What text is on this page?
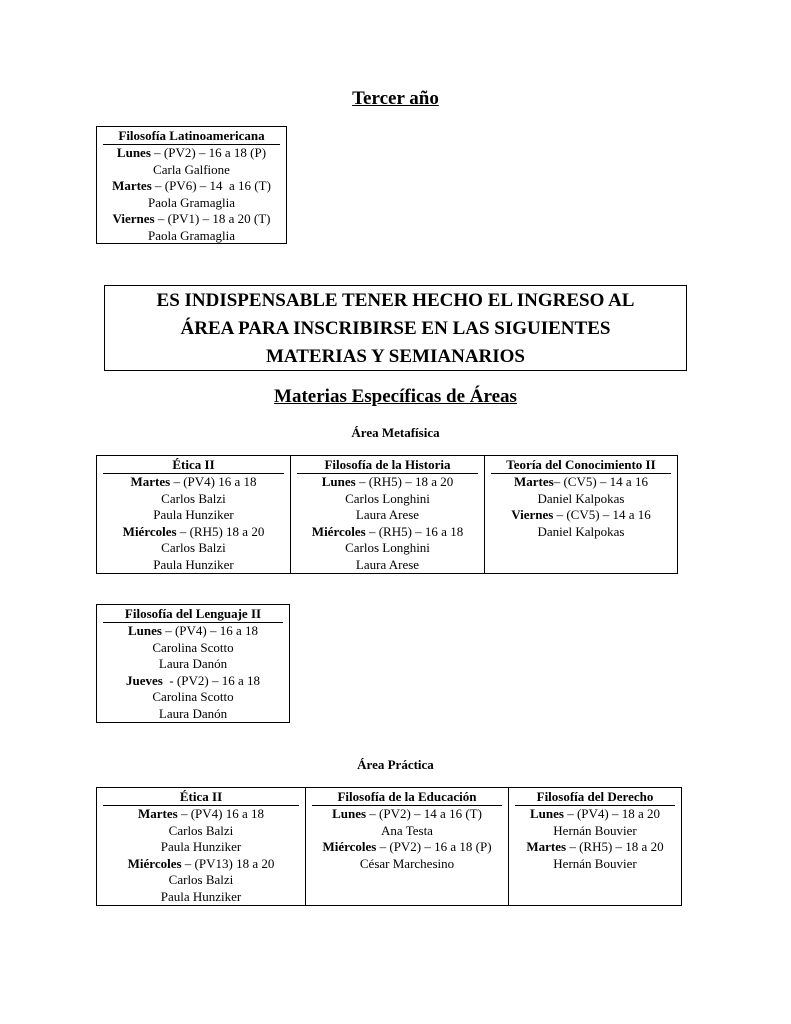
Tercer año
Filosofía Latinoamericana
Lunes – (PV2) – 16 a 18 (P)
Carla Galfione
Martes – (PV6) – 14  a 16 (T)
Paola Gramaglia
Viernes – (PV1) – 18 a 20 (T)
Paola Gramaglia
ES INDISPENSABLE TENER HECHO EL INGRESO AL
ÁREA PARA INSCRIBIRSE EN LAS SIGUIENTES
MATERIAS Y SEMIANARIOS
Materias Específicas de Áreas
Área Metafísica
Ética II
Martes – (PV4) 16 a 18
Carlos Balzi
Paula Hunziker
Miércoles – (RH5) 18 a 20
Carlos Balzi
Paula Hunziker
Filosofía de la Historia
Lunes – (RH5) – 18 a 20
Carlos Longhini
Laura Arese
Miércoles – (RH5) – 16 a 18
Carlos Longhini
Laura Arese
Teoría del Conocimiento II
Martes– (CV5) – 14 a 16
Daniel Kalpokas
Viernes – (CV5) – 14 a 16
Daniel Kalpokas
Filosofía del Lenguaje II
Lunes – (PV4) – 16 a 18
Carolina Scotto
Laura Danón
Jueves  - (PV2) – 16 a 18
Carolina Scotto
Laura Danón
Área Práctica
Ética II
Martes – (PV4) 16 a 18
Carlos Balzi
Paula Hunziker
Miércoles – (PV13) 18 a 20
Carlos Balzi
Paula Hunziker
Filosofía de la Educación
Lunes – (PV2) – 14 a 16 (T)
Ana Testa
Miércoles – (PV2) – 16 a 18 (P)
César Marchesino
Filosofía del Derecho
Lunes – (PV4) – 18 a 20
Hernán Bouvier
Martes – (RH5) – 18 a 20
Hernán Bouvier
